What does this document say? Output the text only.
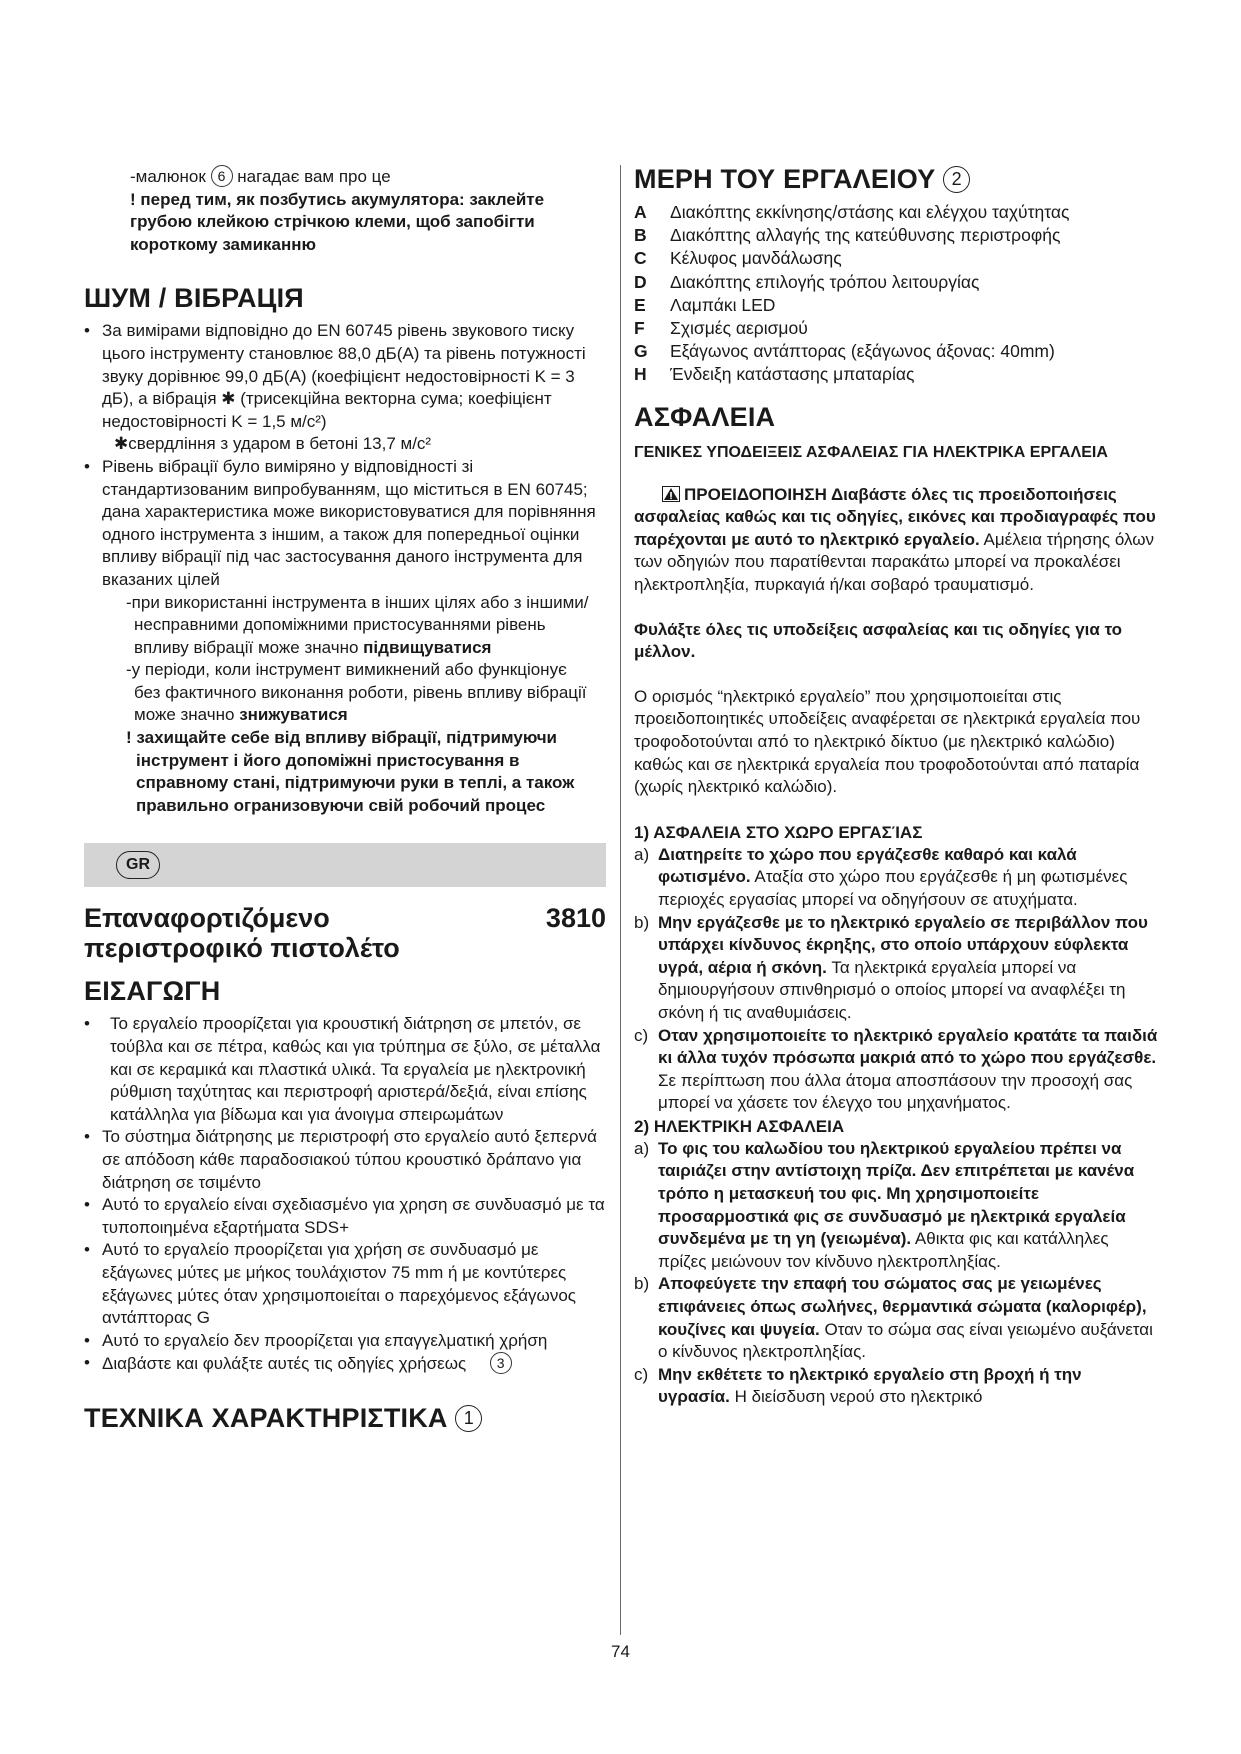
-малюнок 6 нагадає вам про це

! перед тим, як позбутись акумулятора: заклейте грубою клейкою стрічкою клеми, щоб запобігти короткому замиканню

ШУМ / ВІБРАЦІЯ
• За вимірами відповідно до EN 60745 рівень звукового тиску цього інструменту становлює 88,0 дБ(A) та рівень потужності звуку дорівнює 99,0 дБ(A) (коефіцієнт недостовірності K = 3 дБ), а вібрація ✱ (трисекційна векторна сума; коефіцієнт недостовірності K = 1,5 м/с²)
✱свердління з ударом в бетоні 13,7 м/с²
• Рівень вібрації було виміряно у відповідності зі стандартизованим випробуванням, що міститься в EN 60745; дана характеристика може використовуватися для порівняння одного інструмента з іншим, а також для попередньої оцінки впливу вібрації під час застосування даного інструмента для вказаних цілей

-при використанні інструмента в інших цілях або з іншими/несправними допоміжними пристосуваннями рівень впливу вібрації може значно підвищуватися

-у періоди, коли інструмент вимикнений або функціонує без фактичного виконання роботи, рівень впливу вібрації може значно знижуватися

! захищайте себе від впливу вібрації, підтримуючи інструмент і його допоміжні пристосування в справному стані, підтримуючи руки в теплі, а також правильно огранизовуючи свій робочий процес

GR
Επαναφορτιζόμενο	3810
περιστροφικό πιστολέτο
ΕΙΣΑΓΩΓΗ
• Το εργαλείο προορίζεται για κρουστική διάτρηση σε μπετόν, σε τούβλα και σε πέτρα, καθώς και για τρύπημα σε ξύλο, σε μέταλλα και σε κεραμικά και πλαστικά υλικά. Τα εργαλεία με ηλεκτρονική ρύθμιση ταχύτητας και περιστροφή αριστερά/δεξιά, είναι επίσης κατάλληλα για βίδωμα και για άνοιγμα σπειρωμάτων
• Το σύστημα διάτρησης με περιστροφή στο εργαλείο αυτό ξεπερνά σε απόδοση κάθε παραδοσιακού τύπου κρουστικό δράπανο για διάτρηση σε τσιμέντο
• Αυτό το εργαλείο είναι σχεδιασμένο για χρηση σε συνδυασμό με τα τυποποιημένα εξαρτήματα SDS+
• Αυτό το εργαλείο προορίζεται για χρήση σε συνδυασμό με εξάγωνες μύτες με μήκος τουλάχιστον 75 mm ή με κοντύτερες εξάγωνες μύτες όταν χρησιμοποιείται ο παρεχόμενος εξάγωνος αντάπτορας G
• Αυτό το εργαλείο δεν προορίζεται για επαγγελματική χρήση
• Διαβάστε και φυλάξτε αυτές τις οδηγίες χρήσεως 3
ΤΕΧΝΙΚΑ ΧΑΡΑΚΤΗΡΙΣΤΙΚΑ 1
ΜΕΡΗ ΤΟΥ ΕΡΓΑΛΕΙΟΥ 2
A	Διακόπτης εκκίνησης/στάσης και ελέγχου ταχύτητας
B	Διακόπτης αλλαγής της κατεύθυνσης περιστροφής
C	Κέλυφος μανδάλωσης
D	Διακόπτης επιλογής τρόπου λειτουργίας
E	Λαμπάκι LED
F	Σχισμές αερισμού
G	Εξάγωνος αντάπτορας (εξάγωνος άξονας: 40mm)
H	Ένδειξη κατάστασης μπαταρίας
ΑΣΦΑΛΕΙΑ
ΓΕΝΙΚΕΣ ΥΠΟΔΕΙΞΕΙΣ ΑΣΦΑΛΕΙΑΣ ΓΙΑ ΗΛΕΚΤΡΙΚΑ ΕΡΓΑΛΕΙΑ

ΠΡΟΕΙΔΟΠΟΙΗΣΗ Διαβάστε όλες τις προειδοποιήσεις ασφαλείας καθώς και τις οδηγίες, εικόνες και προδιαγραφές που παρέχονται με αυτό το ηλεκτρικό εργαλείο. Αμέλεια τήρησης όλων των οδηγιών που παρατίθενται παρακάτω μπορεί να προκαλέσει ηλεκτροπληξία, πυρκαγιά ή/και σοβαρό τραυματισμό.

Φυλάξτε όλες τις υποδείξεις ασφαλείας και τις οδηγίες για το μέλλον.

Ο ορισμός “ηλεκτρικό εργαλείο” που χρησιμοποιείται στις προειδοποιητικές υποδείξεις αναφέρεται σε ηλεκτρικά εργαλεία που τροφοδοτούνται από το ηλεκτρικό δίκτυο (με ηλεκτρικό καλώδιο) καθώς και σε ηλεκτρικά εργαλεία που τροφοδοτούνται από παταρία (χωρίς ηλεκτρικό καλώδιο).

1) ΑΣΦΑΛΕΙΑ ΣΤΟ ΧΩΡΟ ΕΡΓΑΣΊΑΣ
a) Διατηρείτε το χώρο που εργάζεσθε καθαρό και καλά φωτισμένο. Αταξία στο χώρο που εργάζεσθε ή μη φωτισμένες περιοχές εργασίας μπορεί να οδηγήσουν σε ατυχήματα.
b) Μην εργάζεσθε με το ηλεκτρικό εργαλείο σε περιβάλλον που υπάρχει κίνδυνος έκρηξης, στο οποίο υπάρχουν εύφλεκτα υγρά, αέρια ή σκόνη. Τα ηλεκτρικά εργαλεία μπορεί να δημιουργήσουν σπινθηρισμό ο οποίος μπορεί να αναφλέξει τη σκόνη ή τις αναθυμιάσεις.
c) Οταν χρησιμοποιείτε το ηλεκτρικό εργαλείο κρατάτε τα παιδιά κι άλλα τυχόν πρόσωπα μακριά από το χώρο που εργάζεσθε. Σε περίπτωση που άλλα άτομα αποσπάσουν την προσοχή σας μπορεί να χάσετε τον έλεγχο του μηχανήματος.
2) ΗΛΕΚΤΡΙΚΗ ΑΣΦΑΛΕΙΑ
a) Το φις του καλωδίου του ηλεκτρικού εργαλείου πρέπει να ταιριάζει στην αντίστοιχη πρίζα. Δεν επιτρέπεται με κανένα τρόπο η μετασκευή του φις. Μη χρησιμοποιείτε προσαρμοστικά φις σε συνδυασμό με ηλεκτρικά εργαλεία συνδεμένα με τη γη (γειωμένα). Αθικτα φις και κατάλληλες πρίζες μειώνουν τον κίνδυνο ηλεκτροπληξίας.
b) Αποφεύγετε την επαφή του σώματος σας με γειωμένες επιφάνειες όπως σωλήνες, θερμαντικά σώματα (καλοριφέρ), κουζίνες και ψυγεία. Οταν το σώμα σας είναι γειωμένο αυξάνεται ο κίνδυνος ηλεκτροπληξίας.
c) Μην εκθέτετε το ηλεκτρικό εργαλείο στη βροχή ή την υγρασία. Η διείσδυση νερού στο ηλεκτρικό
74
